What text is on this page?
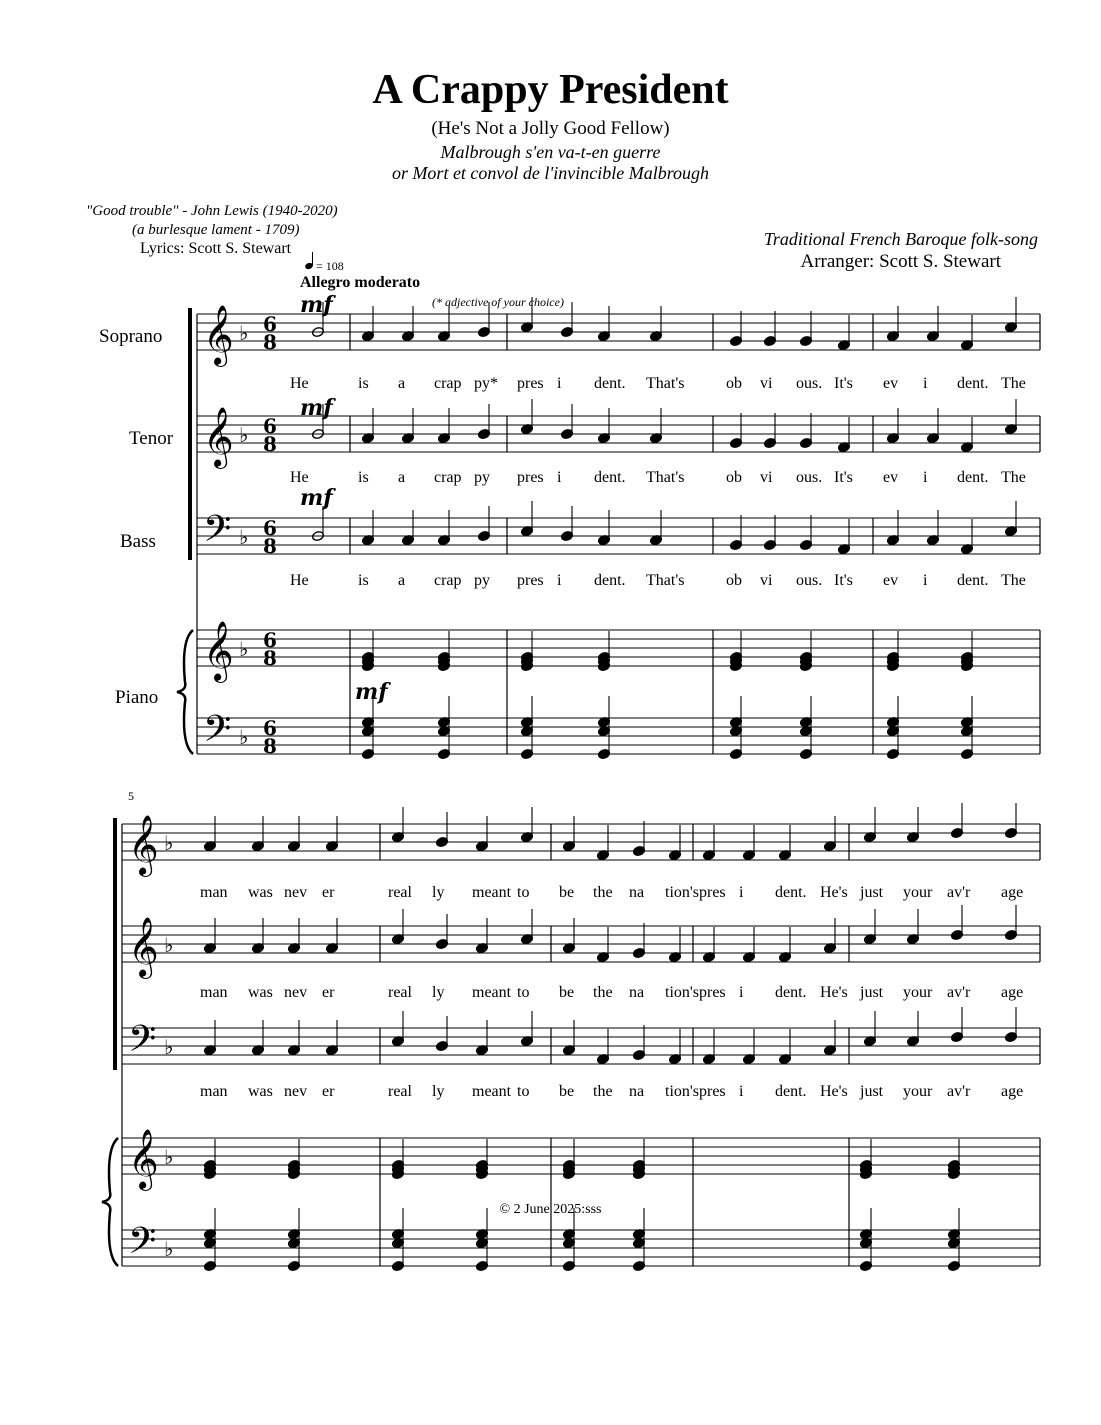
A Crappy President
(He's Not a Jolly Good Fellow)
Malbrough s'en va-t-en guerre
or Mort et convol de l'invincible Malbrough
"Good trouble" - John Lewis (1940-2020)
(a burlesque lament - 1709)
Lyrics: Scott S. Stewart	Traditional French Baroque folk-song
Arranger: Scott S. Stewart
= 108
Allegro moderato
(* adjective of your choice)
Soprano
Tenor
Bass
Piano
mf
mf
mf
mf
5
𝄞 ♭ 6
8
𝄞 ♭ 6
8
𝄢 ♭ 6
8
𝄞 ♭ 6
8
𝄢 ♭ 6
8
𝄞 ♭
𝄞 ♭
𝄢 ♭
𝄞 ♭
𝄢 ♭
He	is a crap py* pres i dent. That's	ob vi ous. It's ev i dent. The
He	is a crap py pres i dent. That's	ob vi ous. It's ev i dent. The
He	is a crap py pres i dent. That's	ob vi ous. It's ev i dent. The
man was nev er	real ly meant to be the na tion's pres i dent. He's just your av'r age
man was nev er	real ly meant to be the na tion's pres i dent. He's just your av'r age
man was nev er	real ly meant to be the na tion's pres i dent. He's just your av'r age
© 2 June 2025:sss
